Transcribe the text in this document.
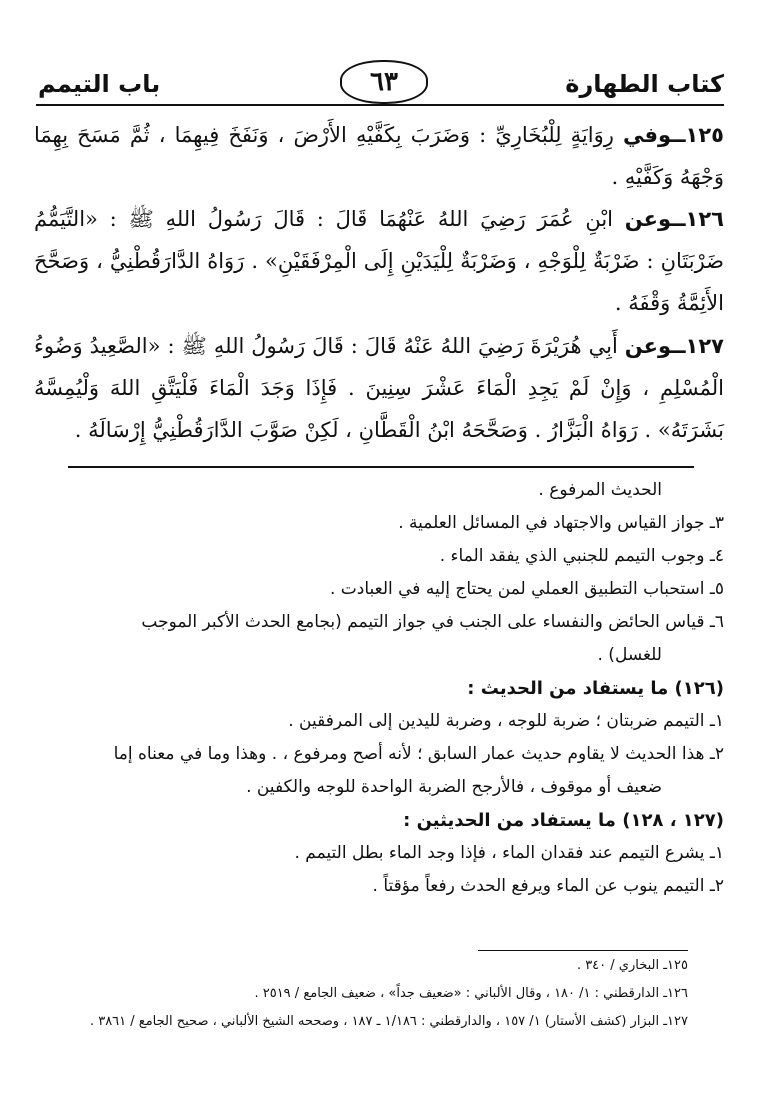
كتاب الطهارة
٦٣
باب التيمم
١٢٥ــوفي رِوَايَةٍ لِلْبُخَارِيِّ : وَضَرَبَ بِكَفَّيْهِ الأَرْضَ ، وَنَفَخَ فِيهِمَا ، ثُمَّ مَسَحَ بِهِمَا وَجْهَهُ وَكَفَّيْهِ .
١٢٦ــوعن ابْنِ عُمَرَ رَضِيَ اللهُ عَنْهُمَا قَالَ : قَالَ رَسُولُ اللهِ ﷺ : «التَّيَمُّمُ ضَرْبَتَانِ : ضَرْبَةٌ لِلْوَجْهِ ، وَضَرْبَةٌ لِلْيَدَيْنِ إِلَى الْمِرْفَقَيْنِ» . رَوَاهُ الدَّارَقُطْنِيُّ ، وَصَحَّحَ الأَئِمَّةُ وَقْفَهُ .
١٢٧ــوعن أَبِي هُرَيْرَةَ رَضِيَ اللهُ عَنْهُ قَالَ : قَالَ رَسُولُ اللهِ ﷺ : «الصَّعِيدُ وَضُوءُ الْمُسْلِمِ ، وَإِنْ لَمْ يَجِدِ الْمَاءَ عَشْرَ سِنِينَ . فَإِذَا وَجَدَ الْمَاءَ فَلْيَتَّقِ اللهَ وَلْيُمِسَّهُ بَشَرَتَهُ» . رَوَاهُ الْبَزَّارُ . وَصَحَّحَهُ ابْنُ الْقَطَّانِ ، لَكِنْ صَوَّبَ الدَّارَقُطْنِيُّ إِرْسَالَهُ .

الحديث المرفوع .

٣ـ جواز القياس والاجتهاد في المسائل العلمية .

٤ـ وجوب التيمم للجنبي الذي يفقد الماء .

٥ـ استحباب التطبيق العملي لمن يحتاج إليه في العبادت .

٦ـ قياس الحائض والنفساء على الجنب في جواز التيمم (بجامع الحدث الأكبر الموجب

للغسل) .

(١٢٦) ما يستفاد من الحديث :

١ـ التيمم ضربتان ؛ ضربة للوجه ، وضربة لليدين إلى المرفقين .

٢ـ هذا الحديث لا يقاوم حديث عمار السابق ؛ لأنه أصح ومرفوع ، . وهذا وما في معناه إما

ضعيف أو موقوف ، فالأرجح الضربة الواحدة للوجه والكفين .

(١٢٧ ، ١٢٨) ما يستفاد من الحديثين :

١ـ يشرع التيمم عند فقدان الماء ، فإذا وجد الماء بطل التيمم .

٢ـ التيمم ينوب عن الماء ويرفع الحدث رفعاً مؤقتاً .

١٢٥ـ البخاري / ٣٤٠ .
١٢٦ـ الدارقطني : ١/ ١٨٠ ، وقال الألباني : «ضعيف جداً» ، ضعيف الجامع / ٢٥١٩ .
١٢٧ـ البزار (كشف الأستار) ١/ ١٥٧ ، والدارقطني : ١/١٨٦ ـ ١٨٧ ، وصححه الشيخ الألباني ، صحيح الجامع / ٣٨٦١ .
